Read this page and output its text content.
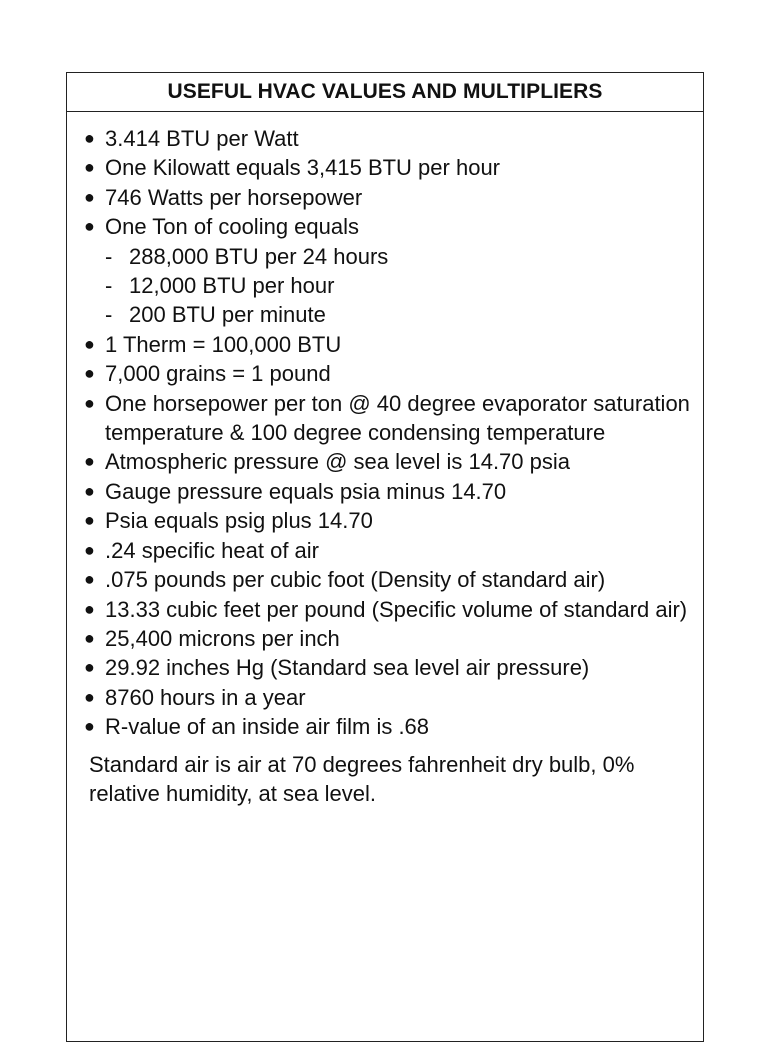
USEFUL HVAC VALUES AND MULTIPLIERS
● 3.414 BTU per Watt
● One Kilowatt equals 3,415 BTU per hour
● 746 Watts per horsepower
● One Ton of cooling equals
- 288,000 BTU per 24 hours
- 12,000 BTU per hour
- 200 BTU per minute
● 1 Therm = 100,000 BTU
● 7,000 grains = 1 pound
● One horsepower per ton @ 40 degree evaporator saturation temperature & 100 degree condensing temperature
● Atmospheric pressure @ sea level is 14.70 psia
● Gauge pressure equals psia minus 14.70
● Psia equals psig plus 14.70
● .24 specific heat of air
● .075 pounds per cubic foot (Density of standard air)
● 13.33 cubic feet per pound (Specific volume of standard air)
● 25,400 microns per inch
● 29.92 inches Hg (Standard sea level air pressure)
● 8760 hours in a year
● R-value of an inside air film is .68

Standard air is air at 70 degrees fahrenheit dry bulb, 0% relative humidity, at sea level.
